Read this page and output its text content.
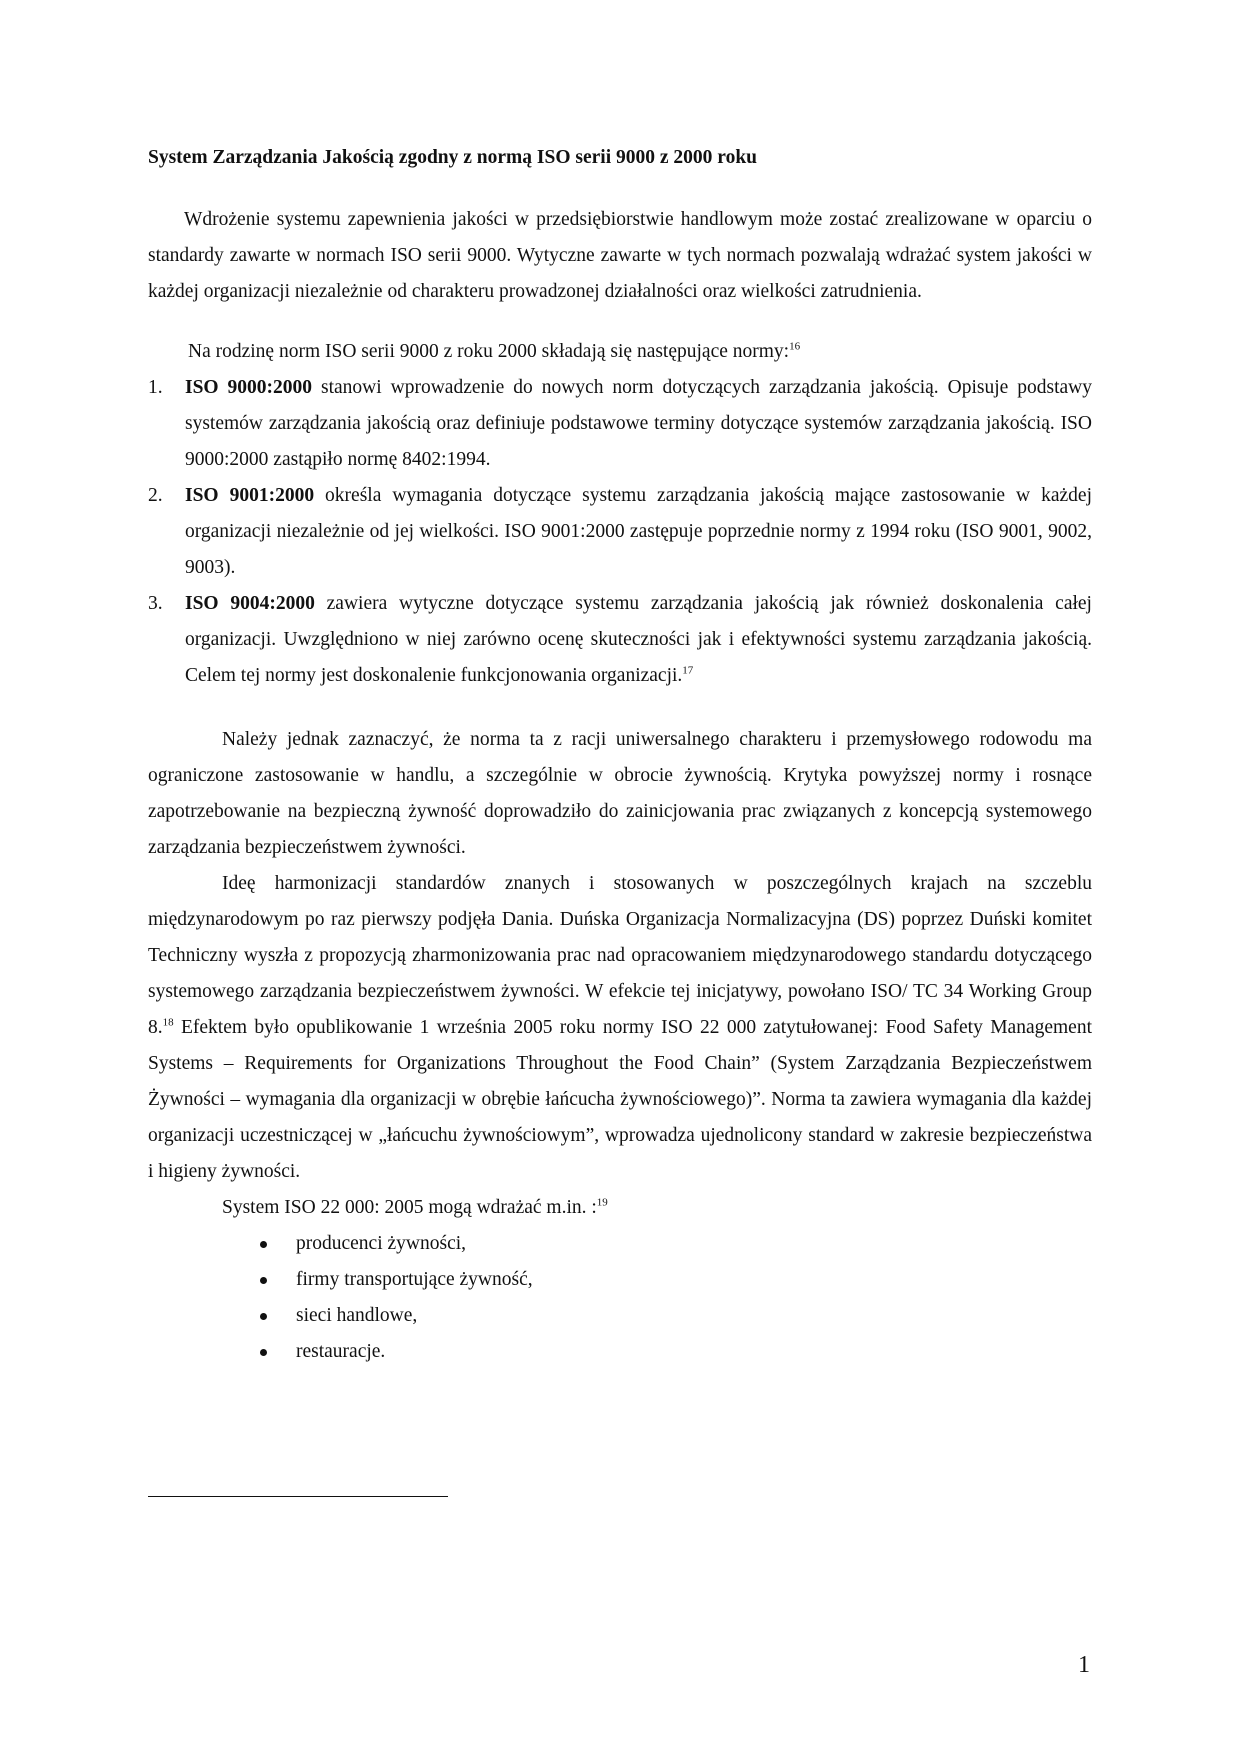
System Zarządzania Jakością zgodny z normą ISO serii 9000 z 2000 roku

Wdrożenie systemu zapewnienia jakości w przedsiębiorstwie handlowym może zostać zrealizowane w oparciu o standardy zawarte w normach ISO serii 9000. Wytyczne zawarte w tych normach pozwalają wdrażać system jakości w każdej organizacji niezależnie od charakteru prowadzonej działalności oraz wielkości zatrudnienia.

Na rodzinę norm ISO serii 9000 z roku 2000 składają się następujące normy:$^{16}$

1. ISO 9000:2000 stanowi wprowadzenie do nowych norm dotyczących zarządzania jakością. Opisuje podstawy systemów zarządzania jakością oraz definiuje podstawowe terminy dotyczące systemów zarządzania jakością. ISO 9000:2000 zastąpiło normę 8402:1994.
2. ISO 9001:2000 określa wymagania dotyczące systemu zarządzania jakością mające zastosowanie w każdej organizacji niezależnie od jej wielkości. ISO 9001:2000 zastępuje poprzednie normy z 1994 roku (ISO 9001, 9002, 9003).
3. ISO 9004:2000 zawiera wytyczne dotyczące systemu zarządzania jakością jak również doskonalenia całej organizacji. Uwzględniono w niej zarówno ocenę skuteczności jak i efektywności systemu zarządzania jakością. Celem tej normy jest doskonalenie funkcjonowania organizacji.$^{17}$

Należy jednak zaznaczyć, że norma ta z racji uniwersalnego charakteru i przemysłowego rodowodu ma ograniczone zastosowanie w handlu, a szczególnie w obrocie żywnością. Krytyka powyższej normy i rosnące zapotrzebowanie na bezpieczną żywność doprowadziło do zainicjowania prac związanych z koncepcją systemowego zarządzania bezpieczeństwem żywności.

Ideę harmonizacji standardów znanych i stosowanych w poszczególnych krajach na szczeblu międzynarodowym po raz pierwszy podjęła Dania. Duńska Organizacja Normalizacyjna (DS) poprzez Duński komitet Techniczny wyszła z propozycją zharmonizowania prac nad opracowaniem międzynarodowego standardu dotyczącego systemowego zarządzania bezpieczeństwem żywności. W efekcie tej inicjatywy, powołano ISO/ TC 34 Working Group 8.18 Efektem było opublikowanie 1 września 2005 roku normy ISO 22 000 zatytułowanej: Food Safety Management Systems – Requirements for Organizations Throughout the Food Chain” (System Zarządzania Bezpieczeństwem Żywności – wymagania dla organizacji w obrębie łańcucha żywnościowego)”. Norma ta zawiera wymagania dla każdej organizacji uczestniczącej w „łańcuchu żywnościowym”, wprowadza ujednolicony standard w zakresie bezpieczeństwa i higieny żywności.

System ISO 22 000: 2005 mogą wdrażać m.in. :$^{19}$

producenci żywności,
firmy transportujące żywność,
sieci handlowe,
restauracje.
1
